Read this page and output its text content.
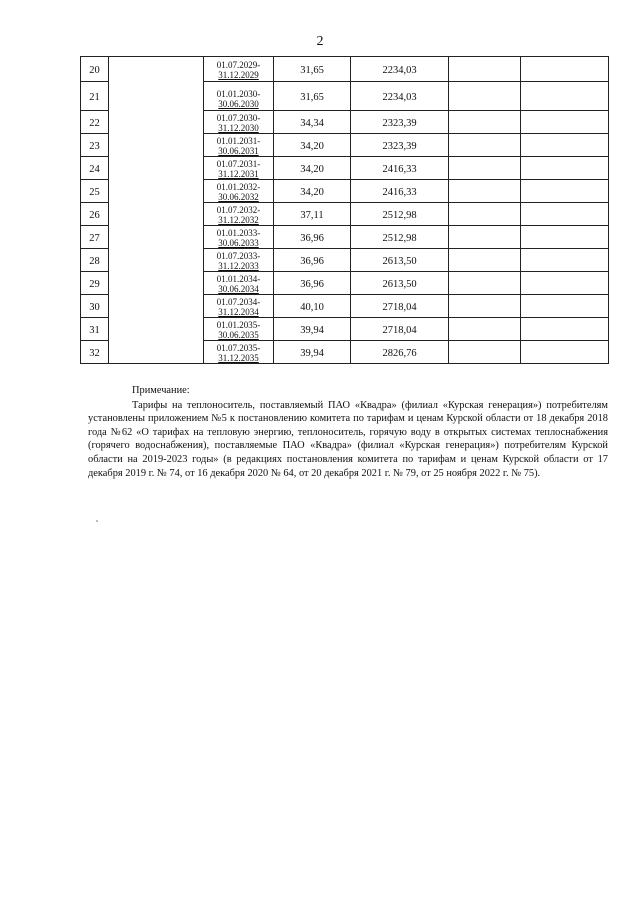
2
20		01.07.2029-
31.12.2029	31,65	2234,03		
21		01.01.2030-
30.06.2030	31,65	2234,03		
22		01.07.2030-
31.12.2030	34,34	2323,39		
23		01.01.2031-
30.06.2031	34,20	2323,39		
24		01.07.2031-
31.12.2031	34,20	2416,33		
25		01.01.2032-
30.06.2032	34,20	2416,33		
26		01.07.2032-
31.12.2032	37,11	2512,98		
27		01.01.2033-
30.06.2033	36,96	2512,98		
28		01.07.2033-
31.12.2033	36,96	2613,50		
29		01.01.2034-
30.06.2034	36,96	2613,50		
30		01.07.2034-
31.12.2034	40,10	2718,04		
31		01.01.2035-
30.06.2035	39,94	2718,04		
32		01.07.2035-
31.12.2035	39,94	2826,76		

Примечание:

Тарифы на теплоноситель, поставляемый ПАО «Квадра» (филиал «Курская генерация») потребителям установлены приложением №5 к постановлению комитета по тарифам и ценам Курской области от 18 декабря 2018 года №62 «О тарифах на тепловую энергию, теплоноситель, горячую воду в открытых системах теплоснабжения (горячего водоснабжения), поставляемые ПАО «Квадра» (филиал «Курская генерация») потребителям Курской области на 2019-2023 годы» (в редакциях постановления комитета по тарифам и ценам Курской области от 17 декабря 2019 г. № 74, от 16 декабря 2020 № 64, от 20 декабря 2021 г. № 79, от 25 ноября 2022 г. № 75).
